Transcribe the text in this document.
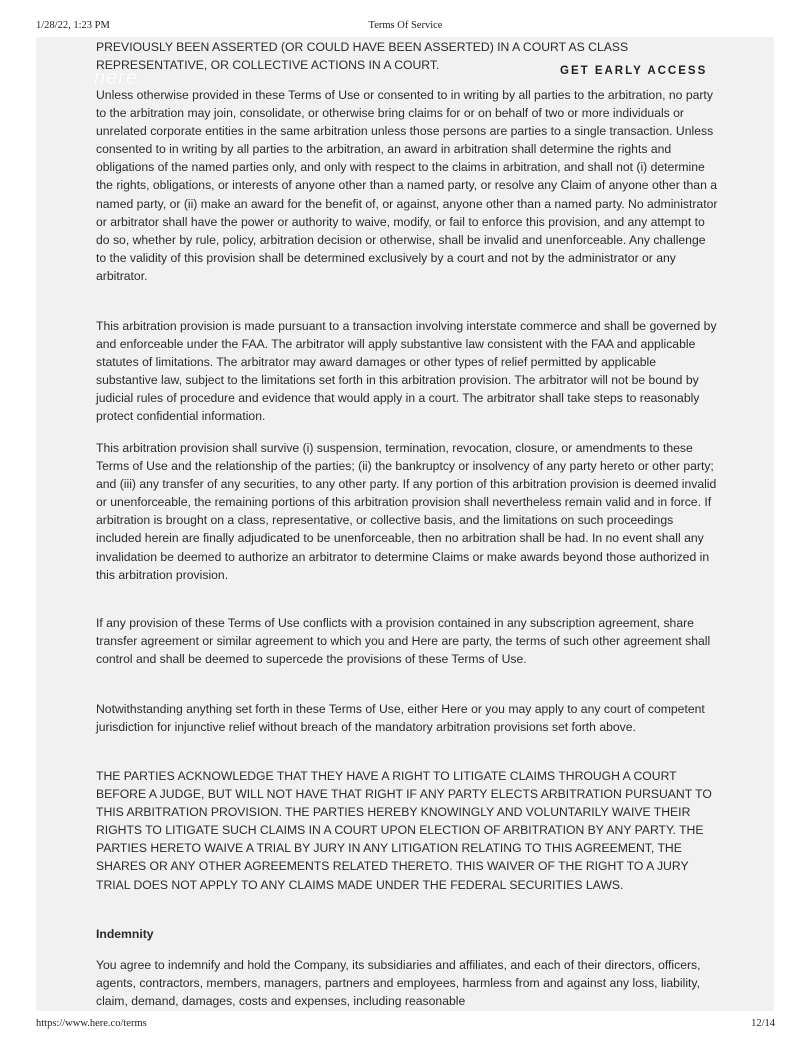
1/28/22, 1:23 PM	Terms Of Service
here	GET EARLY ACCESS

PREVIOUSLY BEEN ASSERTED (OR COULD HAVE BEEN ASSERTED) IN A COURT AS CLASS REPRESENTATIVE, OR COLLECTIVE ACTIONS IN A COURT.

Unless otherwise provided in these Terms of Use or consented to in writing by all parties to the arbitration, no party to the arbitration may join, consolidate, or otherwise bring claims for or on behalf of two or more individuals or unrelated corporate entities in the same arbitration unless those persons are parties to a single transaction. Unless consented to in writing by all parties to the arbitration, an award in arbitration shall determine the rights and obligations of the named parties only, and only with respect to the claims in arbitration, and shall not (i) determine the rights, obligations, or interests of anyone other than a named party, or resolve any Claim of anyone other than a named party, or (ii) make an award for the benefit of, or against, anyone other than a named party. No administrator or arbitrator shall have the power or authority to waive, modify, or fail to enforce this provision, and any attempt to do so, whether by rule, policy, arbitration decision or otherwise, shall be invalid and unenforceable. Any challenge to the validity of this provision shall be determined exclusively by a court and not by the administrator or any arbitrator.

This arbitration provision is made pursuant to a transaction involving interstate commerce and shall be governed by and enforceable under the FAA. The arbitrator will apply substantive law consistent with the FAA and applicable statutes of limitations. The arbitrator may award damages or other types of relief permitted by applicable substantive law, subject to the limitations set forth in this arbitration provision. The arbitrator will not be bound by judicial rules of procedure and evidence that would apply in a court. The arbitrator shall take steps to reasonably protect confidential information.

This arbitration provision shall survive (i) suspension, termination, revocation, closure, or amendments to these Terms of Use and the relationship of the parties; (ii) the bankruptcy or insolvency of any party hereto or other party; and (iii) any transfer of any securities, to any other party. If any portion of this arbitration provision is deemed invalid or unenforceable, the remaining portions of this arbitration provision shall nevertheless remain valid and in force. If arbitration is brought on a class, representative, or collective basis, and the limitations on such proceedings included herein are finally adjudicated to be unenforceable, then no arbitration shall be had. In no event shall any invalidation be deemed to authorize an arbitrator to determine Claims or make awards beyond those authorized in this arbitration provision.

If any provision of these Terms of Use conflicts with a provision contained in any subscription agreement, share transfer agreement or similar agreement to which you and Here are party, the terms of such other agreement shall control and shall be deemed to supercede the provisions of these Terms of Use.

Notwithstanding anything set forth in these Terms of Use, either Here or you may apply to any court of competent jurisdiction for injunctive relief without breach of the mandatory arbitration provisions set forth above.

THE PARTIES ACKNOWLEDGE THAT THEY HAVE A RIGHT TO LITIGATE CLAIMS THROUGH A COURT BEFORE A JUDGE, BUT WILL NOT HAVE THAT RIGHT IF ANY PARTY ELECTS ARBITRATION PURSUANT TO THIS ARBITRATION PROVISION. THE PARTIES HEREBY KNOWINGLY AND VOLUNTARILY WAIVE THEIR RIGHTS TO LITIGATE SUCH CLAIMS IN A COURT UPON ELECTION OF ARBITRATION BY ANY PARTY. THE PARTIES HERETO WAIVE A TRIAL BY JURY IN ANY LITIGATION RELATING TO THIS AGREEMENT, THE SHARES OR ANY OTHER AGREEMENTS RELATED THERETO. THIS WAIVER OF THE RIGHT TO A JURY TRIAL DOES NOT APPLY TO ANY CLAIMS MADE UNDER THE FEDERAL SECURITIES LAWS.

Indemnity

You agree to indemnify and hold the Company, its subsidiaries and affiliates, and each of their directors, officers, agents, contractors, members, managers, partners and employees, harmless from and against any loss, liability, claim, demand, damages, costs and expenses, including reasonable

https://www.here.co/terms	12/14
